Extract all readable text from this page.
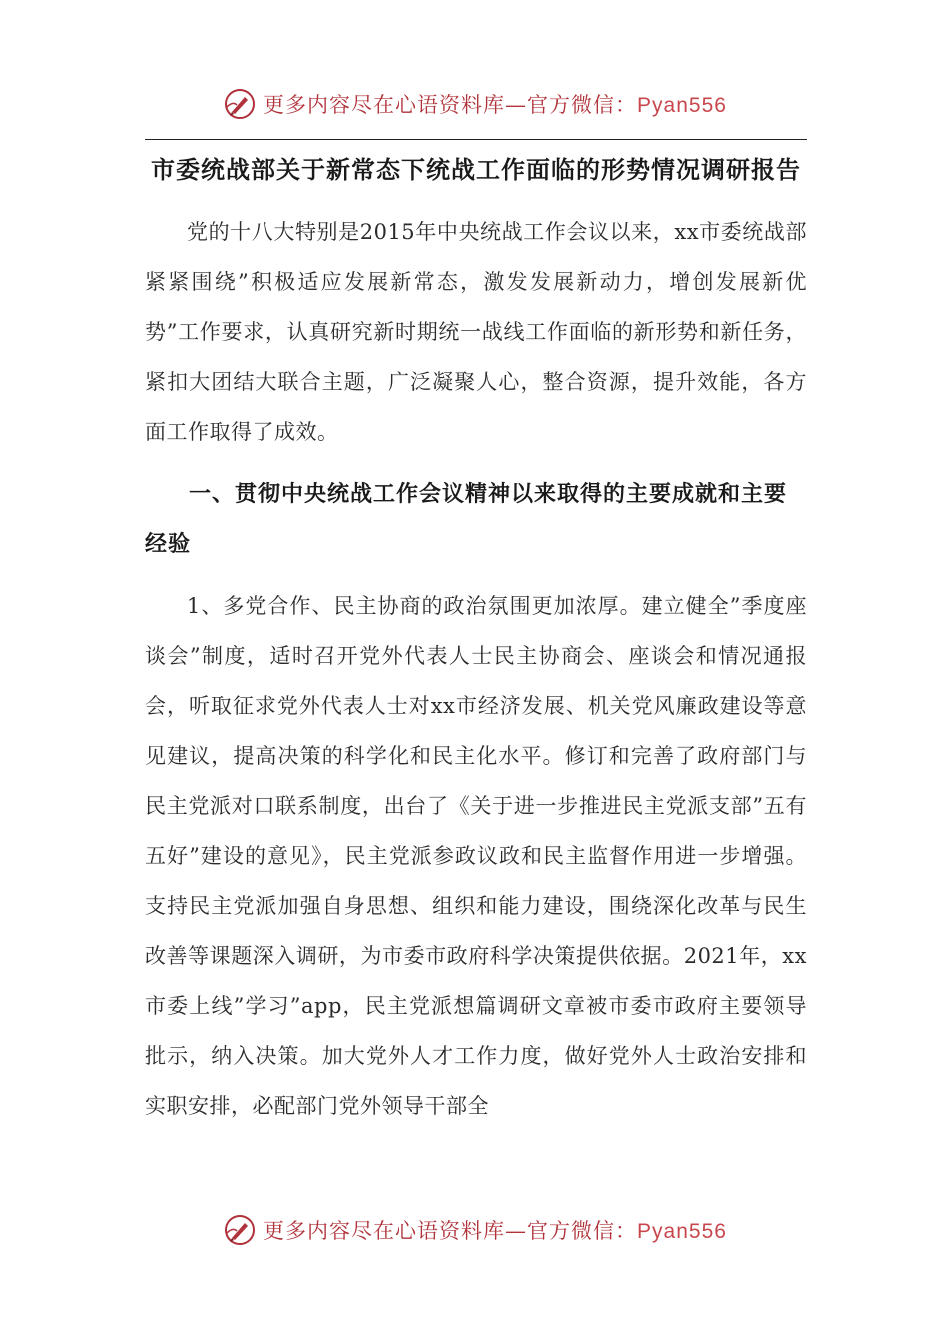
更多内容尽在心语资料库—官方微信：Pyan556
市委统战部关于新常态下统战工作面临的形势情况调研报告

党的十八大特别是2015年中央统战工作会议以来，xx市委统战部紧紧围绕”积极适应发展新常态，激发发展新动力，增创发展新优势”工作要求，认真研究新时期统一战线工作面临的新形势和新任务，紧扣大团结大联合主题，广泛凝聚人心，整合资源，提升效能，各方面工作取得了成效。

一、贯彻中央统战工作会议精神以来取得的主要成就和主要经验

1、多党合作、民主协商的政治氛围更加浓厚。建立健全”季度座谈会”制度，适时召开党外代表人士民主协商会、座谈会和情况通报会，听取征求党外代表人士对xx市经济发展、机关党风廉政建设等意见建议，提高决策的科学化和民主化水平。修订和完善了政府部门与民主党派对口联系制度，出台了《关于进一步推进民主党派支部”五有五好”建设的意见》，民主党派参政议政和民主监督作用进一步增强。支持民主党派加强自身思想、组织和能力建设，围绕深化改革与民生改善等课题深入调研，为市委市政府科学决策提供依据。2021年，xx市委上线”学习”app，民主党派想篇调研文章被市委市政府主要领导批示，纳入决策。加大党外人才工作力度，做好党外人士政治安排和实职安排，必配部门党外领导干部全

更多内容尽在心语资料库—官方微信：Pyan556
